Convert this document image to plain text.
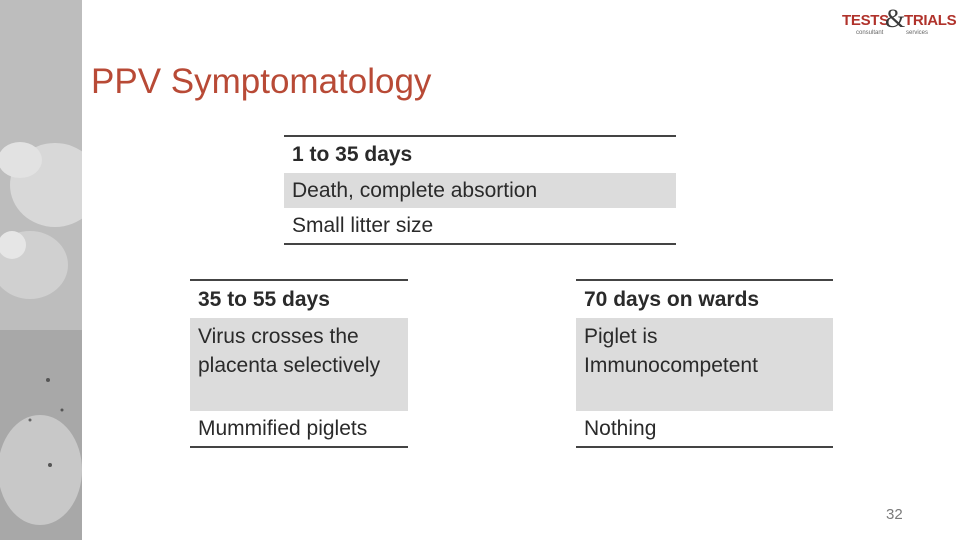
TESTS
&
TRIALS
consultant	services
PPV Symptomatology
1 to 35 days
Death, complete absortion
Small litter size
35 to 55 days
Virus crosses the placenta selectively
Mummified piglets
70 days on wards
Piglet is Immunocompetent
Nothing
32
